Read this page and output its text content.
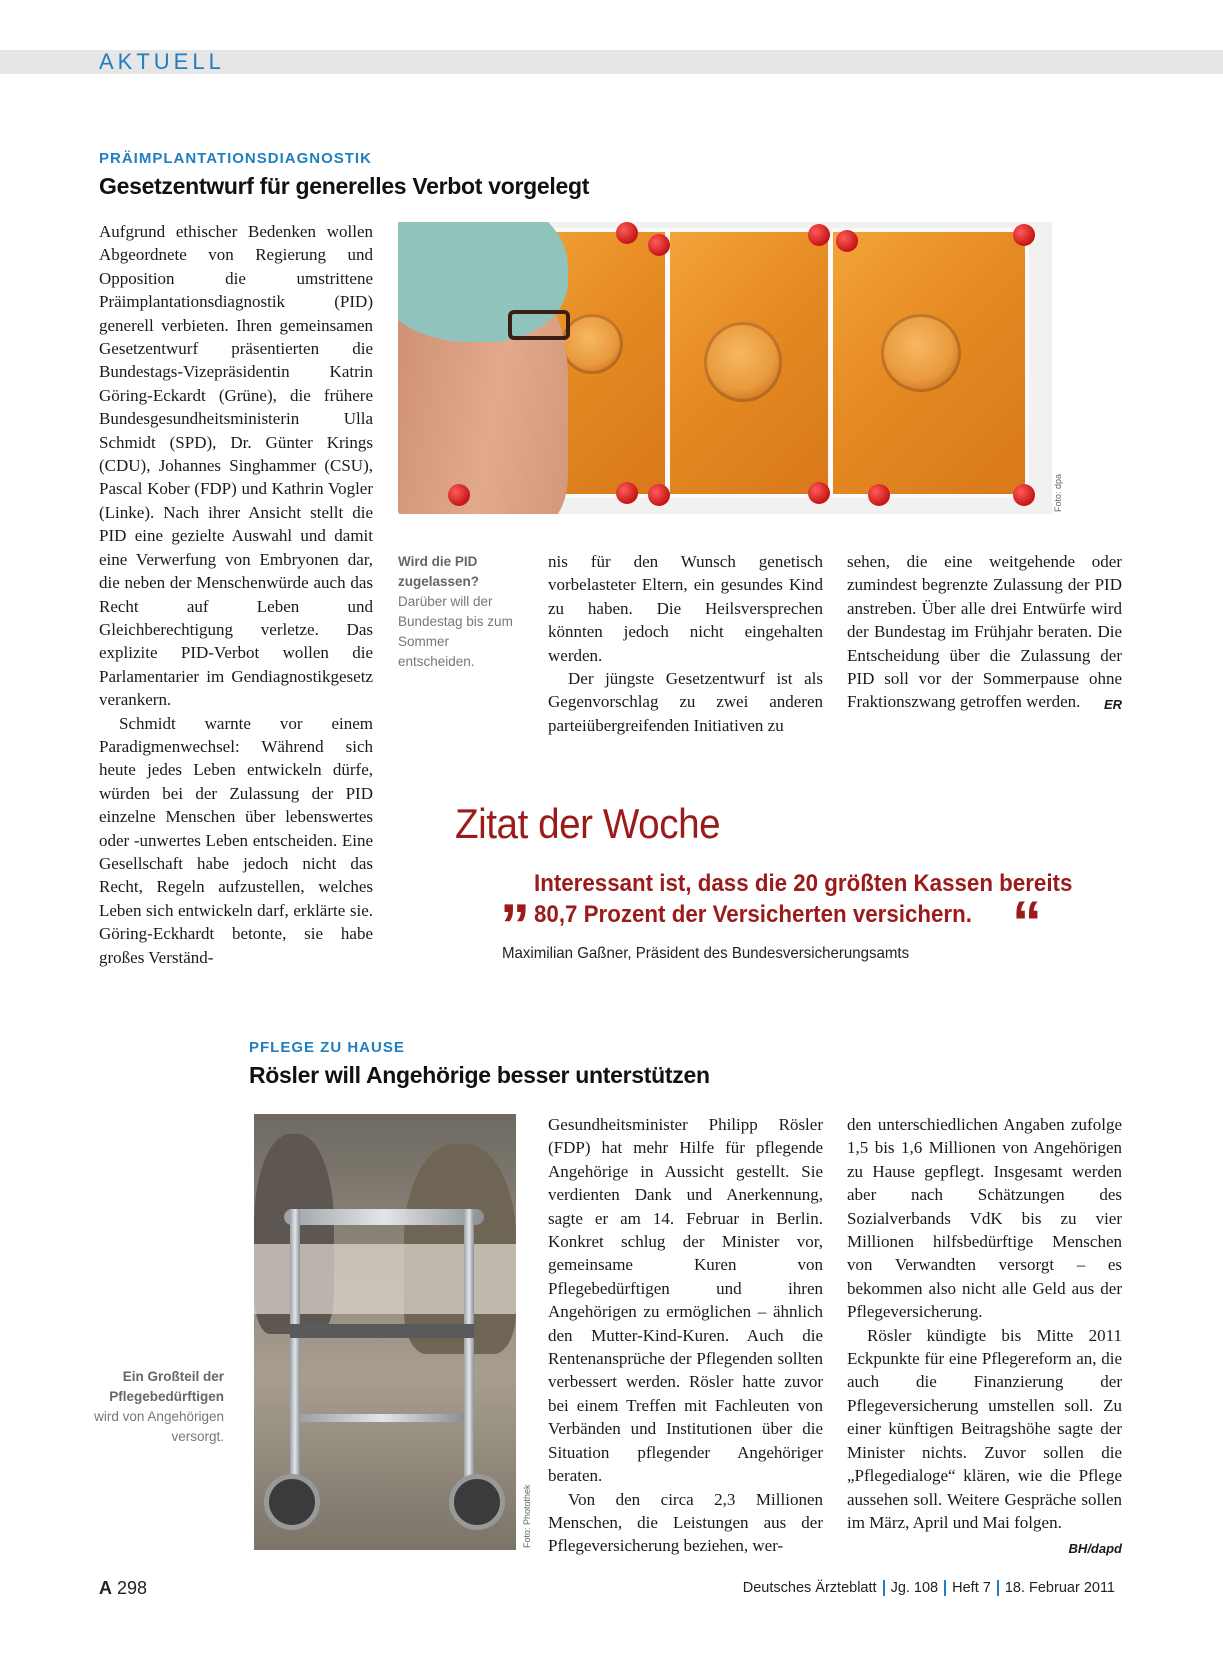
AKTUELL
PRÄIMPLANTATIONSDIAGNOSTIK
Gesetzentwurf für generelles Verbot vorgelegt

Aufgrund ethischer Bedenken wollen Abgeordnete von Regierung und Opposition die umstrittene Präimplantationsdiagnostik (PID) generell verbieten. Ihren gemeinsamen Gesetzentwurf präsentierten die Bundestags-Vizepräsidentin Katrin Göring-Eckardt (Grüne), die frühere Bundesgesundheitsministerin Ulla Schmidt (SPD), Dr. Günter Krings (CDU), Johannes Singhammer (CSU), Pascal Kober (FDP) und Kathrin Vogler (Linke). Nach ihrer Ansicht stellt die PID eine gezielte Auswahl und damit eine Verwerfung von Embryonen dar, die neben der Menschenwürde auch das Recht auf Leben und Gleichberechtigung verletze. Das explizite PID-Verbot wollen die Parlamentarier im Gendiagnostikgesetz verankern.

Schmidt warnte vor einem Paradigmenwechsel: Während sich heute jedes Leben entwickeln dürfe, würden bei der Zulassung der PID einzelne Menschen über lebenswertes oder -unwertes Leben entscheiden. Eine Gesellschaft habe jedoch nicht das Recht, Regeln aufzustellen, welches Leben sich entwickeln darf, erklärte sie. Göring-Eckhardt betonte, sie habe großes Verständ-

Foto: dpa
Wird die PID zugelassen? Darüber will der Bundestag bis zum Sommer entscheiden.

nis für den Wunsch genetisch vorbelasteter Eltern, ein gesundes Kind zu haben. Die Heilsversprechen könnten jedoch nicht eingehalten werden.

Der jüngste Gesetzentwurf ist als Gegenvorschlag zu zwei anderen parteiübergreifenden Initiativen zu

sehen, die eine weitgehende oder zumindest begrenzte Zulassung der PID anstreben. Über alle drei Entwürfe wird der Bundestag im Frühjahr beraten. Die Entscheidung über die Zulassung der PID soll vor der Sommerpause ohne Fraktionszwang getroffen werden. ER

Zitat der Woche
„ Interessant ist, dass die 20 größten Kassen bereits
80,7 Prozent der Versicherten versichern. “
Maximilian Gaßner, Präsident des Bundesversicherungsamts
PFLEGE ZU HAUSE
Rösler will Angehörige besser unterstützen
Ein Großteil der Pflegebedürftigen
wird von Angehörigen versorgt.
Foto: Photothek

Gesundheitsminister Philipp Rösler (FDP) hat mehr Hilfe für pflegende Angehörige in Aussicht gestellt. Sie verdienten Dank und Anerkennung, sagte er am 14. Februar in Berlin. Konkret schlug der Minister vor, gemeinsame Kuren von Pflegebedürftigen und ihren Angehörigen zu ermöglichen – ähnlich den Mutter-Kind-Kuren. Auch die Rentenansprüche der Pflegenden sollten verbessert werden. Rösler hatte zuvor bei einem Treffen mit Fachleuten von Verbänden und Institutionen über die Situation pflegender Angehöriger beraten.

Von den circa 2,3 Millionen Menschen, die Leistungen aus der Pflegeversicherung beziehen, wer-

den unterschiedlichen Angaben zufolge 1,5 bis 1,6 Millionen von Angehörigen zu Hause gepflegt. Insgesamt werden aber nach Schätzungen des Sozialverbands VdK bis zu vier Millionen hilfsbedürftige Menschen von Verwandten versorgt – es bekommen also nicht alle Geld aus der Pflegeversicherung.

Rösler kündigte bis Mitte 2011 Eckpunkte für eine Pflegereform an, die auch die Finanzierung der Pflegeversicherung umstellen soll. Zu einer künftigen Beitragshöhe sagte der Minister nichts. Zuvor sollen die „Pflegedialoge“ klären, wie die Pflege aussehen soll. Weitere Gespräche sollen im März, April und Mai folgen.
BH/dapd

A 298	Deutsches Ärzteblatt Jg. 108 Heft 7 18. Februar 2011
